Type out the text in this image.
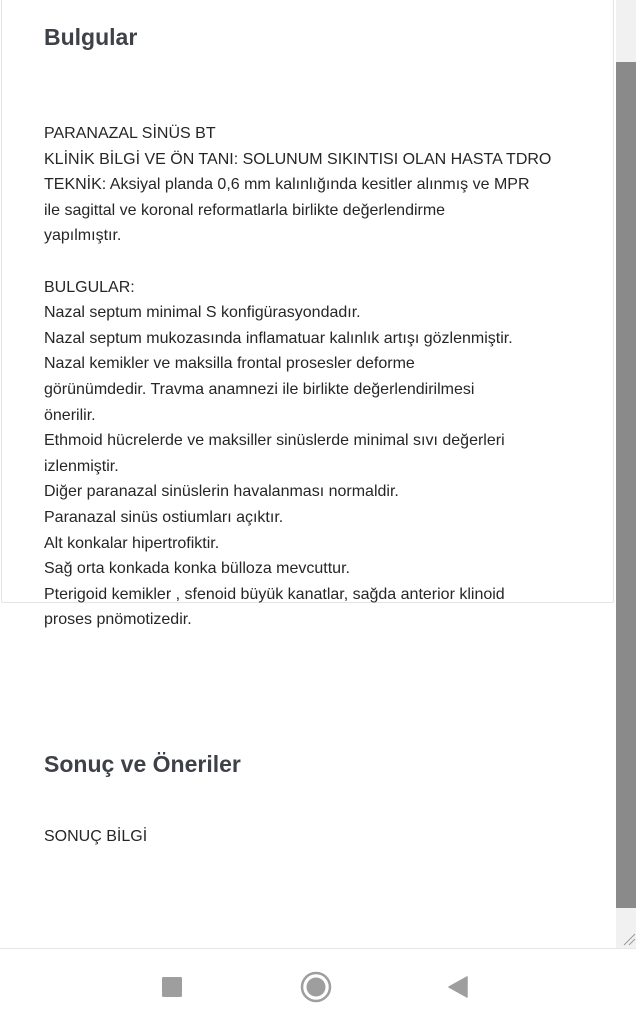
Bulgular
PARANAZAL SİNÜS BT
KLİNİK BİLGİ VE ÖN TANI: SOLUNUM SIKINTISI OLAN HASTA TDRO
TEKNİK: Aksiyal planda 0,6 mm kalınlığında kesitler alınmış ve MPR
ile sagittal ve koronal reformatlarla birlikte değerlendirme
yapılmıştır.
BULGULAR:
Nazal septum minimal S konfigürasyondadır.
Nazal septum mukozasında inflamatuar kalınlık artışı gözlenmiştir.
Nazal kemikler ve maksilla frontal prosesler deforme
görünümdedir. Travma anamnezi ile birlikte değerlendirilmesi
önerilir.
Ethmoid hücrelerde ve maksiller sinüslerde minimal sıvı değerleri
izlenmiştir.
Diğer paranazal sinüslerin havalanması normaldir.
Paranazal sinüs ostiumları açıktır.
Alt konkalar hipertrofiktir.
Sağ orta konkada konka bülloza mevcuttur.
Pterigoid kemikler , sfenoid büyük kanatlar, sağda anterior klinoid
proses pnömotizedir.
Sonuç ve Öneriler
SONUÇ BİLGİ
